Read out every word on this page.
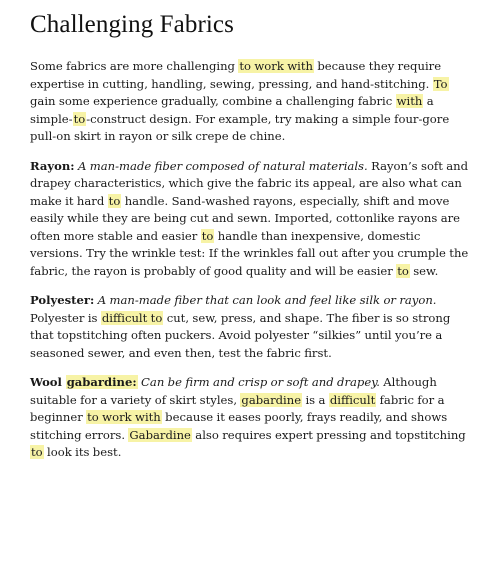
Challenging Fabrics

Some fabrics are more challenging to work with because they require expertise in cutting, handling, sewing, pressing, and hand-stitching. To gain some experience gradually, combine a challenging fabric with a simple-to-construct design. For example, try making a simple four-gore pull-on skirt in rayon or silk crepe de chine.

Rayon: A man-made fiber composed of natural materials. Rayon’s soft and drapey characteristics, which give the fabric its appeal, are also what can make it hard to handle. Sand-washed rayons, especially, shift and move easily while they are being cut and sewn. Imported, cottonlike rayons are often more stable and easier to handle than inexpensive, domestic versions. Try the wrinkle test: If the wrinkles fall out after you crumple the fabric, the rayon is probably of good quality and will be easier to sew.

Polyester: A man-made fiber that can look and feel like silk or rayon. Polyester is difficult to cut, sew, press, and shape. The fiber is so strong that topstitching often puckers. Avoid polyester “silkies” until you’re a seasoned sewer, and even then, test the fabric first.

Wool gabardine: Can be firm and crisp or soft and drapey. Although suitable for a variety of skirt styles, gabardine is a difficult fabric for a beginner to work with because it eases poorly, frays readily, and shows stitching errors. Gabardine also requires expert pressing and topstitching to look its best.
